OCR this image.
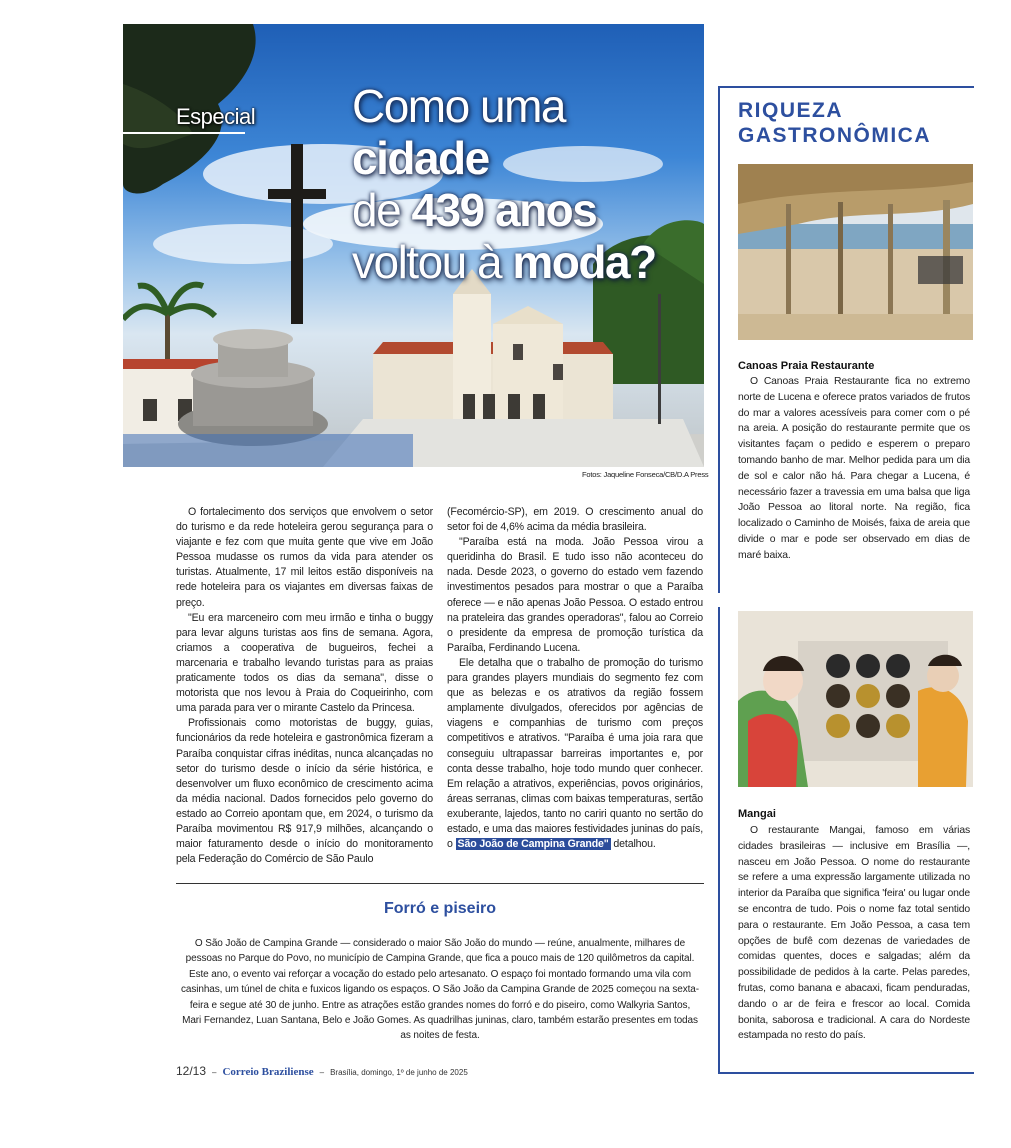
Especial Como uma cidade
de 439 anos
voltou à moda?
Fotos: Jaqueline Fonseca/CB/D.A Press

O fortalecimento dos serviços que envolvem o setor do turismo e da rede hoteleira gerou segurança para o viajante e fez com que muita gente que vive em João Pessoa mudasse os rumos da vida para atender os turistas. Atualmente, 17 mil leitos estão disponíveis na rede hoteleira para os viajantes em diversas faixas de preço.

"Eu era marceneiro com meu irmão e tinha o buggy para levar alguns turistas aos fins de semana. Agora, criamos a cooperativa de bugueiros, fechei a marcenaria e trabalho levando turistas para as praias praticamente todos os dias da semana", disse o motorista que nos levou à Praia do Coqueirinho, com uma parada para ver o mirante Castelo da Princesa.

Profissionais como motoristas de buggy, guias, funcionários da rede hoteleira e gastronômica fizeram a Paraíba conquistar cifras inéditas, nunca alcançadas no setor do turismo desde o início da série histórica, e desenvolver um fluxo econômico de crescimento acima da média nacional. Dados fornecidos pelo governo do estado ao Correio apontam que, em 2024, o turismo da Paraíba movimentou R$ 917,9 milhões, alcançando o maior faturamento desde o início do monitoramento pela Federação do Comércio de São Paulo

(Fecomércio-SP), em 2019. O crescimento anual do setor foi de 4,6% acima da média brasileira.

"Paraíba está na moda. João Pessoa virou a queridinha do Brasil. E tudo isso não aconteceu do nada. Desde 2023, o governo do estado vem fazendo investimentos pesados para mostrar o que a Paraíba oferece — e não apenas João Pessoa. O estado entrou na prateleira das grandes operadoras", falou ao Correio o presidente da empresa de promoção turística da Paraíba, Ferdinando Lucena.

Ele detalha que o trabalho de promoção do turismo para grandes players mundiais do segmento fez com que as belezas e os atrativos da região fossem amplamente divulgados, oferecidos por agências de viagens e companhias de turismo com preços competitivos e atrativos. "Paraíba é uma joia rara que conseguiu ultrapassar barreiras importantes e, por conta desse trabalho, hoje todo mundo quer conhecer. Em relação a atrativos, experiências, povos originários, áreas serranas, climas com baixas temperaturas, sertão exuberante, lajedos, tanto no cariri quanto no sertão do estado, e uma das maiores festividades juninas do país, o São João de Campina Grande" detalhou.

Forró e piseiro
O São João de Campina Grande — considerado o maior São João do mundo — reúne, anualmente, milhares de pessoas no Parque do Povo, no município de Campina Grande, que fica a pouco mais de 120 quilômetros da capital. Este ano, o evento vai reforçar a vocação do estado pelo artesanato. O espaço foi montado formando uma vila com casinhas, um túnel de chita e fuxicos ligando os espaços. O São João da Campina Grande de 2025 começou na sexta-feira e segue até 30 de junho. Entre as atrações estão grandes nomes do forró e do piseiro, como Walkyria Santos, Mari Fernandez, Luan Santana, Belo e João Gomes. As quadrilhas juninas, claro, também estarão presentes em todas as noites de festa.
12/13 – Correio Braziliense – Brasília, domingo, 1º de junho de 2025
RIQUEZA GASTRONÔMICA
Canoas Praia Restaurante

O Canoas Praia Restaurante fica no extremo norte de Lucena e oferece pratos variados de frutos do mar a valores acessíveis para comer com o pé na areia. A posição do restaurante permite que os visitantes façam o pedido e esperem o preparo tomando banho de mar. Melhor pedida para um dia de sol e calor não há. Para chegar a Lucena, é necessário fazer a travessia em uma balsa que liga João Pessoa ao litoral norte. Na região, fica localizado o Caminho de Moisés, faixa de areia que divide o mar e pode ser observado em dias de maré baixa.

Mangai

O restaurante Mangai, famoso em várias cidades brasileiras — inclusive em Brasília —, nasceu em João Pessoa. O nome do restaurante se refere a uma expressão largamente utilizada no interior da Paraíba que significa 'feira' ou lugar onde se encontra de tudo. Pois o nome faz total sentido para o restaurante. Em João Pessoa, a casa tem opções de bufê com dezenas de variedades de comidas quentes, doces e salgadas; além da possibilidade de pedidos à la carte. Pelas paredes, frutas, como banana e abacaxi, ficam penduradas, dando o ar de feira e frescor ao local. Comida bonita, saborosa e tradicional. A cara do Nordeste estampada no resto do país.
